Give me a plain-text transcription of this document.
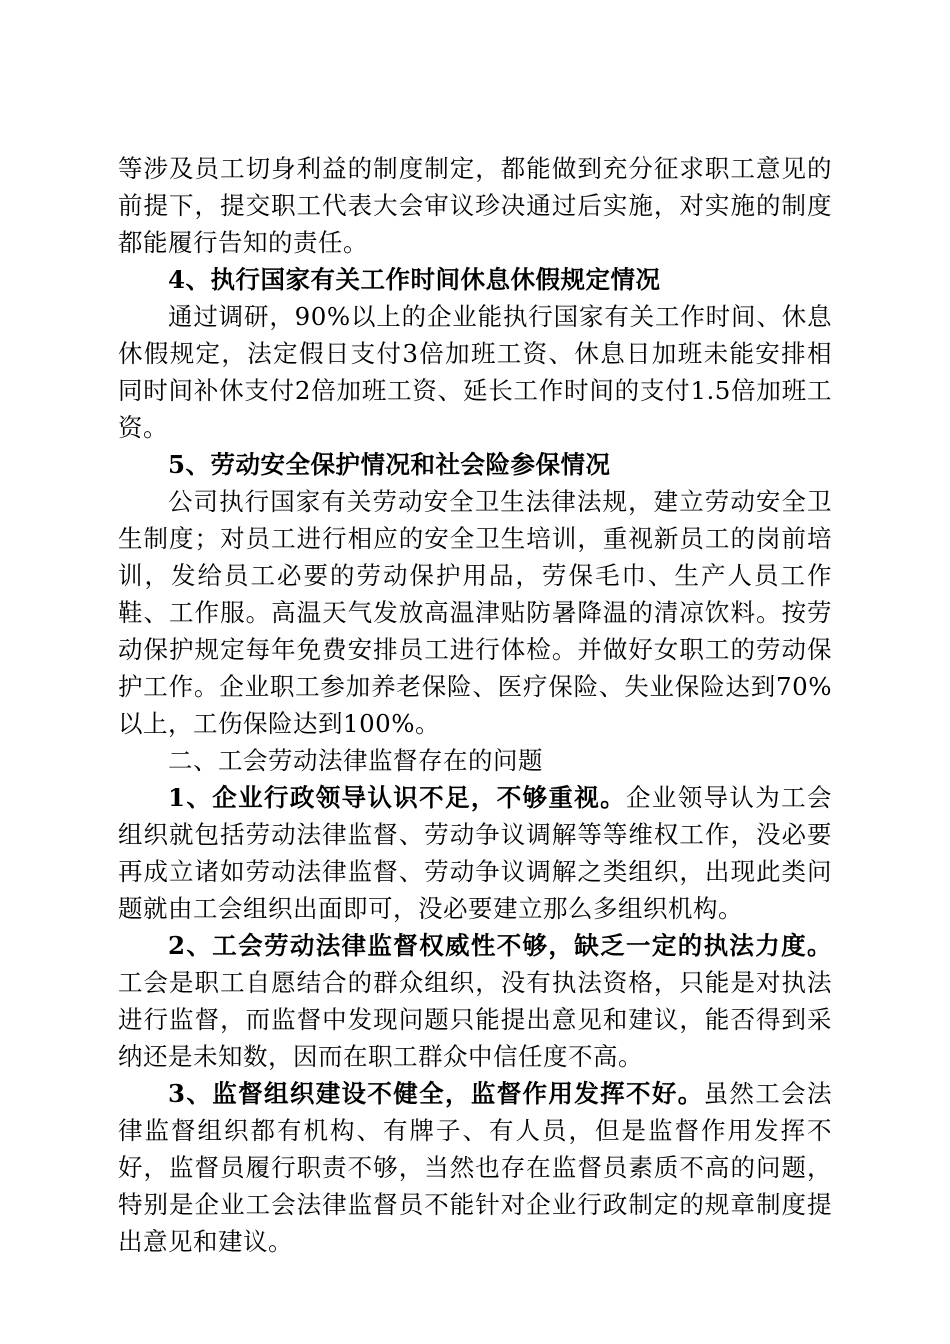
等涉及员工切身利益的制度制定，都能做到充分征求职工意见的前提下，提交职工代表大会审议珍决通过后实施，对实施的制度都能履行告知的责任。

4、执行国家有关工作时间休息休假规定情况

通过调研，90%以上的企业能执行国家有关工作时间、休息休假规定，法定假日支付3倍加班工资、休息日加班未能安排相同时间补休支付2倍加班工资、延长工作时间的支付1.5倍加班工资。

5、劳动安全保护情况和社会险参保情况

公司执行国家有关劳动安全卫生法律法规，建立劳动安全卫生制度；对员工进行相应的安全卫生培训，重视新员工的岗前培训，发给员工必要的劳动保护用品，劳保毛巾、生产人员工作鞋、工作服。高温天气发放高温津贴防暑降温的清凉饮料。按劳动保护规定每年免费安排员工进行体检。并做好女职工的劳动保护工作。企业职工参加养老保险、医疗保险、失业保险达到70%以上，工伤保险达到100%。

二、工会劳动法律监督存在的问题

1、企业行政领导认识不足，不够重视。企业领导认为工会组织就包括劳动法律监督、劳动争议调解等等维权工作，没必要再成立诸如劳动法律监督、劳动争议调解之类组织，出现此类问题就由工会组织出面即可，没必要建立那么多组织机构。

2、工会劳动法律监督权威性不够，缺乏一定的执法力度。工会是职工自愿结合的群众组织，没有执法资格，只能是对执法进行监督，而监督中发现问题只能提出意见和建议，能否得到采纳还是未知数，因而在职工群众中信任度不高。

3、监督组织建设不健全，监督作用发挥不好。虽然工会法律监督组织都有机构、有牌子、有人员，但是监督作用发挥不好，监督员履行职责不够，当然也存在监督员素质不高的问题，特别是企业工会法律监督员不能针对企业行政制定的规章制度提出意见和建议。
